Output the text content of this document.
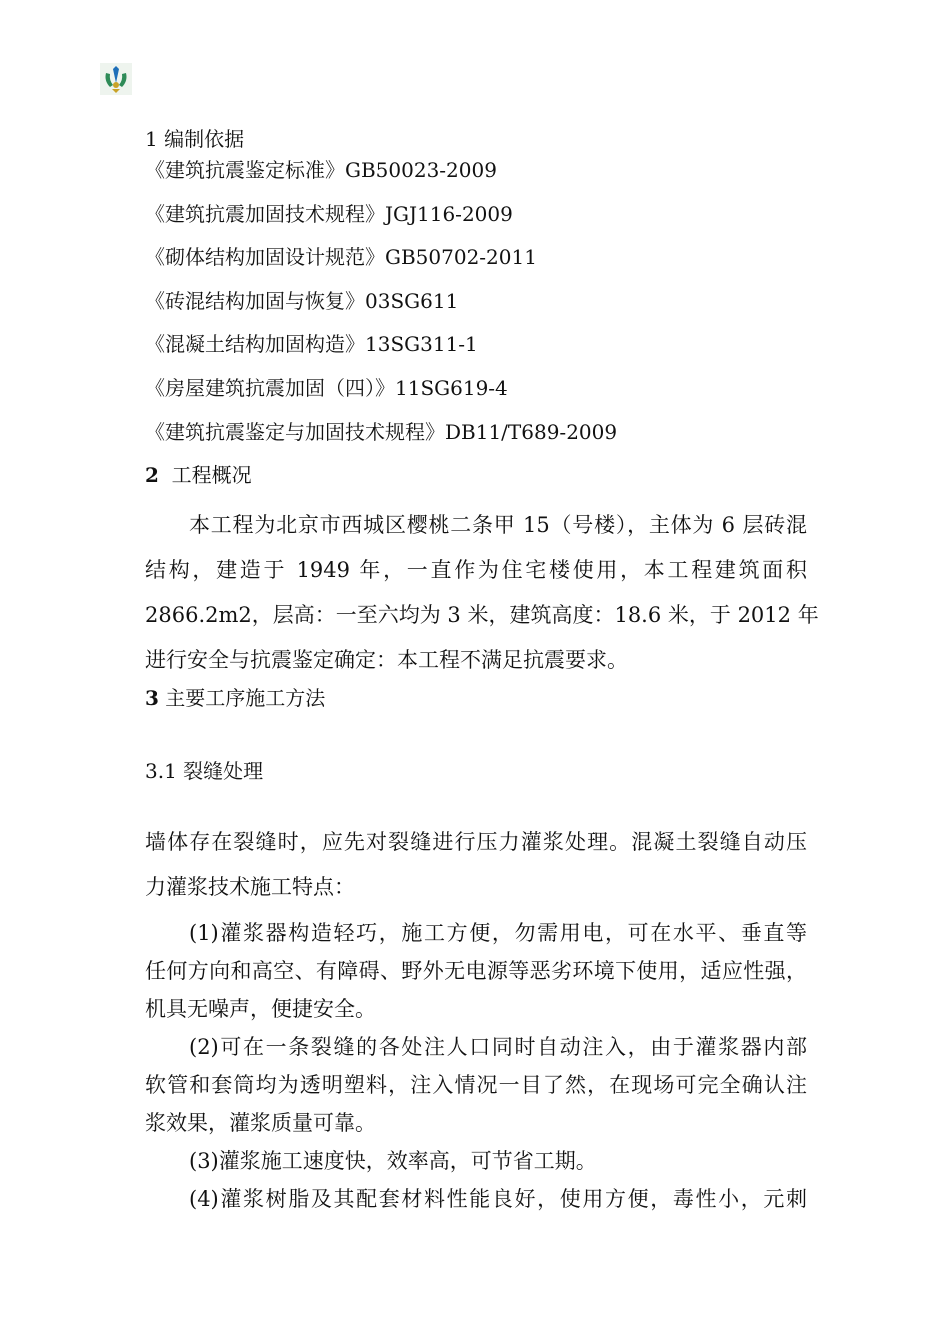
1 编制依据
《建筑抗震鉴定标准》GB50023-2009
《建筑抗震加固技术规程》JGJ116-2009
《砌体结构加固设计规范》GB50702-2011
《砖混结构加固与恢复》03SG611
《混凝土结构加固构造》13SG311-1
《房屋建筑抗震加固（四）》11SG619-4
《建筑抗震鉴定与加固技术规程》DB11/T689-2009
2 工程概况
本工程为北京市西城区樱桃二条甲 15（号楼），主体为 6 层砖混
结构，建造于 1949 年，一直作为住宅楼使用，本工程建筑面积
2866.2m2，层高：一至六均为 3 米，建筑高度：18.6 米，于 2012 年
进行安全与抗震鉴定确定：本工程不满足抗震要求。
3 主要工序施工方法
3.1 裂缝处理
墙体存在裂缝时，应先对裂缝进行压力灌浆处理。混凝土裂缝自动压
力灌浆技术施工特点：
(1)灌浆器构造轻巧，施工方便，勿需用电，可在水平、垂直等
任何方向和高空、有障碍、野外无电源等恶劣环境下使用，适应性强，
机具无噪声，便捷安全。
(2)可在一条裂缝的各处注人口同时自动注入，由于灌浆器内部
软管和套筒均为透明塑料，注入情况一目了然，在现场可完全确认注
浆效果，灌浆质量可靠。
(3)灌浆施工速度快，效率高，可节省工期。
(4)灌浆树脂及其配套材料性能良好，使用方便，毒性小，元刺
